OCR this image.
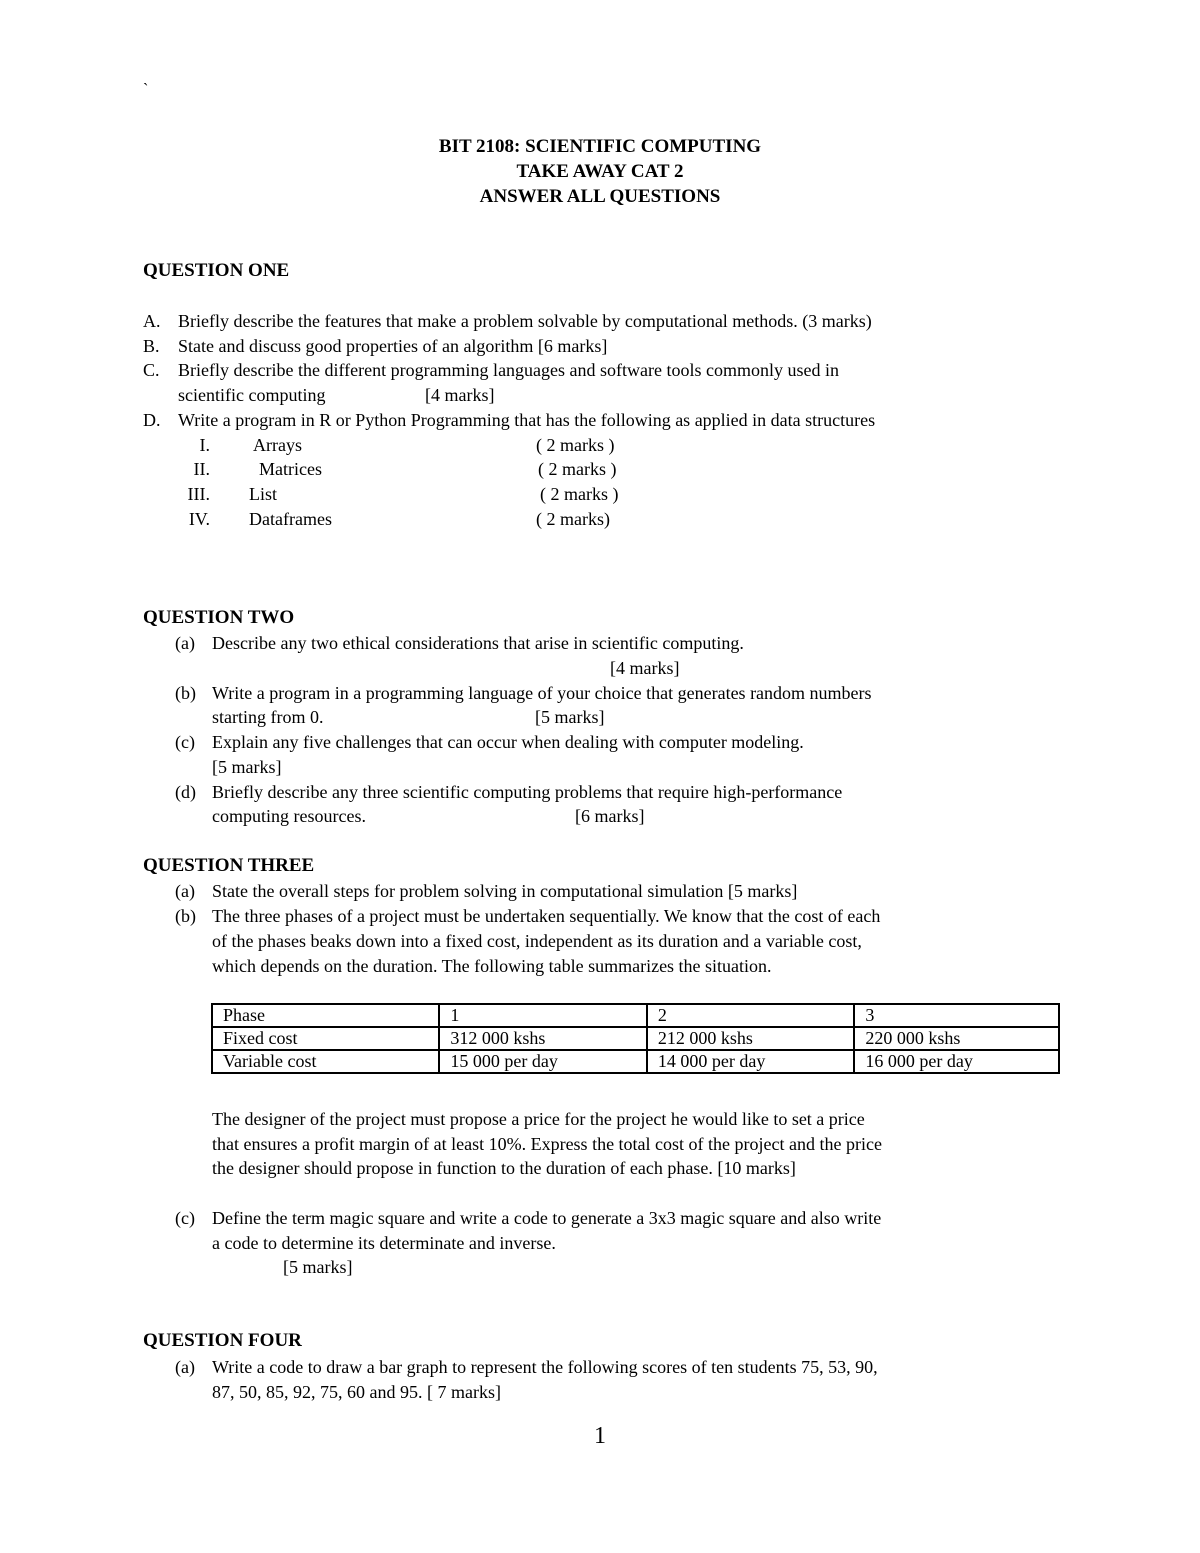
`
BIT 2108: SCIENTIFIC COMPUTING
TAKE AWAY CAT 2
ANSWER ALL QUESTIONS
QUESTION ONE
A. Briefly describe the features that make a problem solvable by computational methods. (3 marks)
B. State and discuss good properties of an algorithm [6 marks]
C. Briefly describe the different programming languages and software tools commonly used in
scientific computing	[4 marks]
D. Write a program in R or Python Programming that has the following as applied in data structures
I. Arrays	( 2 marks )
II.	Matrices	( 2 marks )
III. List	( 2 marks )
IV. Dataframes	( 2 marks)
QUESTION TWO
(a) Describe any two ethical considerations that arise in scientific computing.
[4 marks]
(b) Write a program in a programming language of your choice that generates random numbers
starting from 0.	[5 marks]
(c) Explain any five challenges that can occur when dealing with computer modeling.
[5 marks]
(d) Briefly describe any three scientific computing problems that require high-performance
computing resources.	[6 marks]
QUESTION THREE
(a) State the overall steps for problem solving in computational simulation [5 marks]
(b) The three phases of a project must be undertaken sequentially. We know that the cost of each
of the phases beaks down into a fixed cost, independent as its duration and a variable cost,
which depends on the duration. The following table summarizes the situation.
Phase	1	2	3
Fixed cost	312 000 kshs	212 000 kshs	220 000 kshs
Variable cost	15 000 per day	14 000 per day	16 000 per day
The designer of the project must propose a price for the project he would like to set a price
that ensures a profit margin of at least 10%. Express the total cost of the project and the price
the designer should propose in function to the duration of each phase. [10 marks]
(c) Define the term magic square and write a code to generate a 3x3 magic square and also write
a code to determine its determinate and inverse.
[5 marks]
QUESTION FOUR
(a) Write a code to draw a bar graph to represent the following scores of ten students 75, 53, 90,
87, 50, 85, 92, 75, 60 and 95. [ 7 marks]
1
